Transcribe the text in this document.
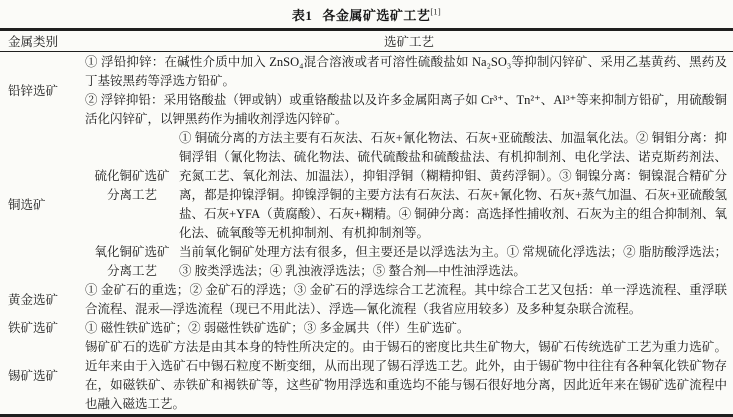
表1 各金属矿选矿工艺[1]
金属类别	选矿工艺
铅锌选矿

① 浮铅抑锌：在碱性介质中加入 ZnSO₄混合溶液或者可溶性硫酸盐如 Na₂SO₃等抑制闪锌矿、采用乙基黄药、黑药及丁基铵黑药等浮选方铅矿。

② 浮锌抑铅：采用铬酸盐（钾或钠）或重铬酸盐以及许多金属阳离子如 Cr³⁺、Tn²⁺、Al³⁺等来抑制方铅矿，用硫酸铜活化闪锌矿，以钾黑药作为捕收剂浮选闪锌矿。

铜选矿
硫化铜矿选矿
分离工艺
① 铜硫分离的方法主要有石灰法、石灰+氰化物法、石灰+亚硫酸法、加温氧化法。② 铜钼分离：抑铜浮钼（氰化物法、硫化物法、硫代硫酸盐和硫酸盐法、有机抑制剂、电化学法、诺克斯药剂法、充氮工艺、氧化剂法、加温法），抑钼浮铜（糊精抑钼、黄药浮铜）。③ 铜镍分离：铜镍混合精矿分离，都是抑镍浮铜。抑镍浮铜的主要方法有石灰法、石灰+氰化物、石灰+蒸气加温、石灰+亚硫酸氢盐、石灰+YFA（黄腐酸）、石灰+糊精。④ 铜砷分离：高选择性捕收剂、石灰为主的组合抑制剂、氧化法、硫氧酸等无机抑制剂、有机抑制剂等。
氧化铜矿选矿
分离工艺
当前氧化铜矿处理方法有很多，但主要还是以浮选法为主。① 常规硫化浮选法；② 脂肪酸浮选法；③ 胺类浮选法；④ 乳浊液浮选法；⑤ 螯合剂—中性油浮选法。
黄金选矿
① 金矿石的重选；② 金矿石的浮选；③ 金矿石的浮选综合工艺流程。其中综合工艺又包括：单一浮选流程、重浮联合流程、混汞—浮选流程（现已不用此法）、浮选—氰化流程（我省应用较多）及多种复杂联合流程。
铁矿选矿	① 磁性铁矿选矿；② 弱磁性铁矿选矿；③ 多金属共（伴）生矿选矿。
锡矿选矿
锡矿矿石的选矿方法是由其本身的特性所决定的。由于锡石的密度比共生矿物大，锡矿石传统选矿工艺为重力选矿。近年来由于入选矿石中锡石粒度不断变细，从而出现了锡石浮选工艺。此外，由于锡矿物中往往有各种氧化铁矿物存在，如磁铁矿、赤铁矿和褐铁矿等，这些矿物用浮选和重选均不能与锡石很好地分离，因此近年来在锡矿选矿流程中也融入磁选工艺。
